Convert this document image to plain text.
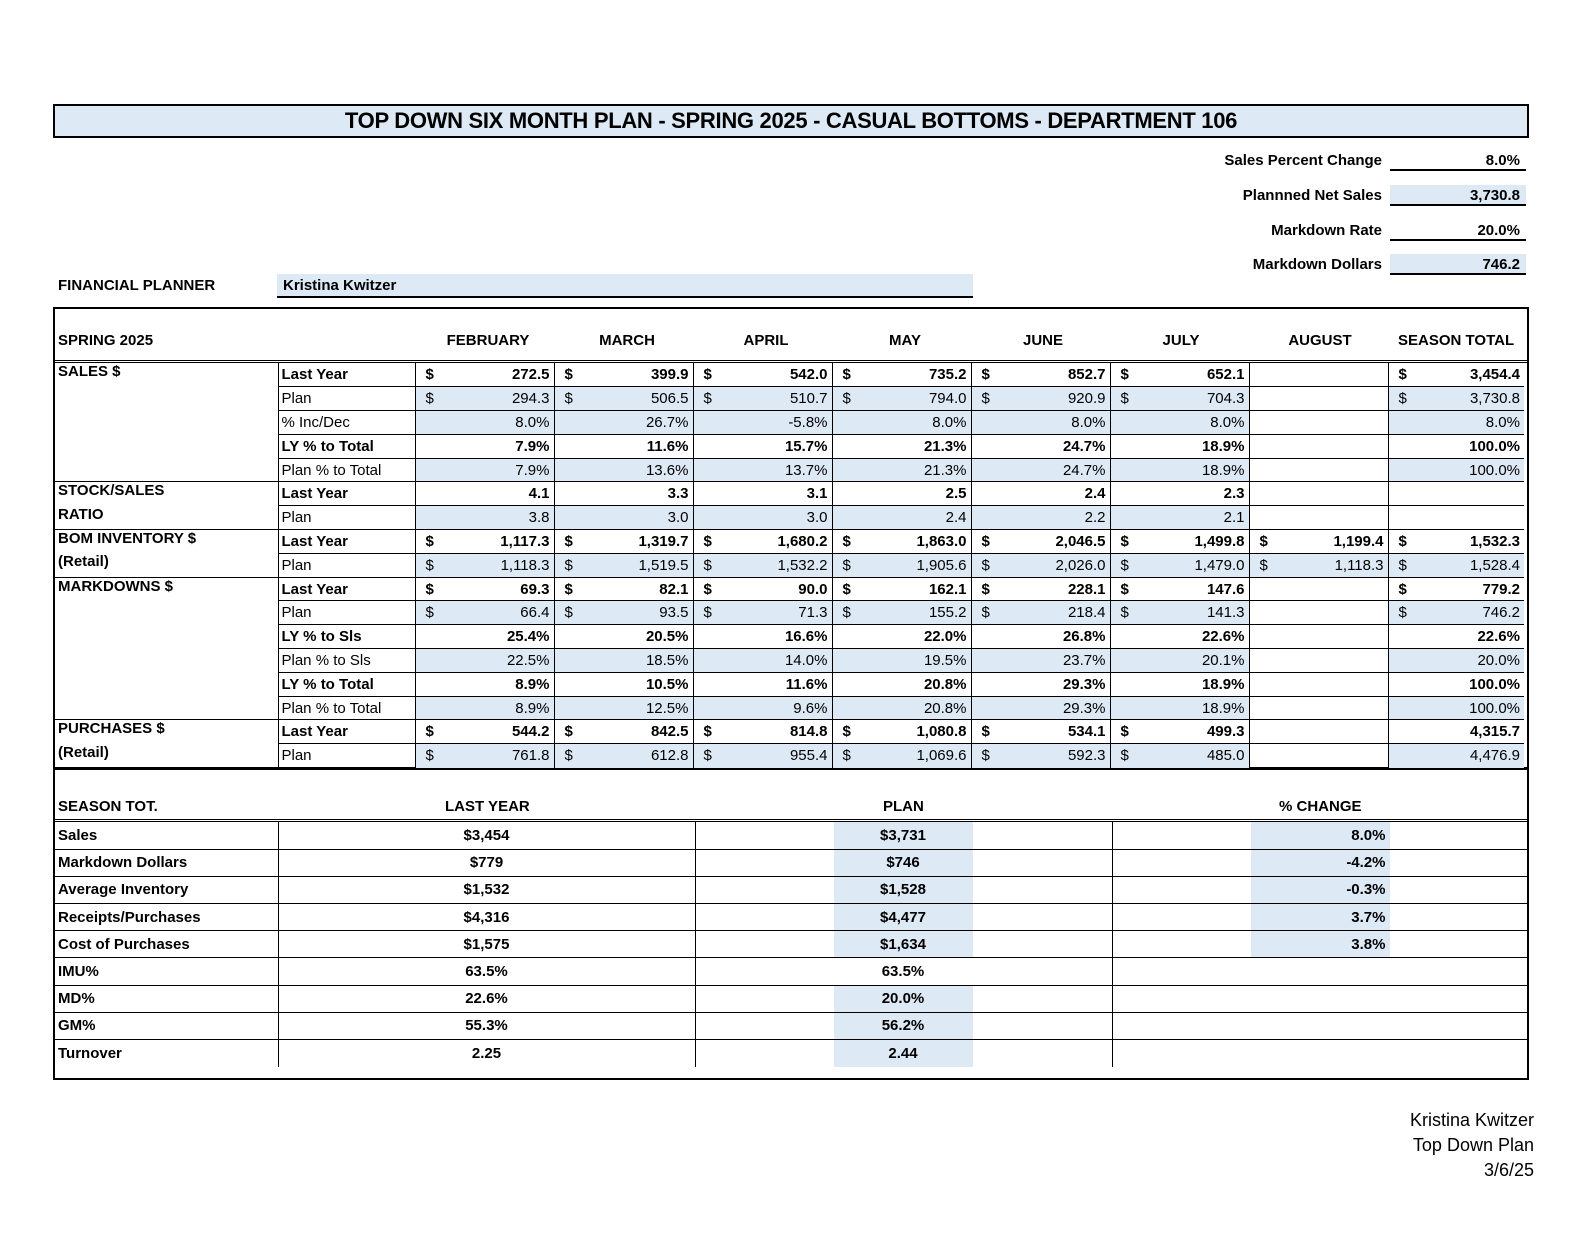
TOP DOWN SIX MONTH PLAN - SPRING 2025 - CASUAL BOTTOMS - DEPARTMENT 106
Sales Percent Change	8.0%
Plannned Net Sales	3,730.8
Markdown Rate	20.0%
Markdown Dollars	746.2
FINANCIAL PLANNER	Kristina Kwitzer
SPRING 2025	FEBRUARY	MARCH	APRIL	MAY	JUNE	JULY	AUGUST	SEASON TOTAL
SALES $	Last Year	$ 272.5	$ 399.9	$ 542.0	$ 735.2	$ 852.7	$ 652.1		$ 3,454.4

	Plan	$ 294.3	$ 506.5	$ 510.7	$ 794.0	$ 920.9	$ 704.3		$ 3,730.8

	% Inc/Dec	8.0%	26.7%	-5.8%	8.0%	8.0%	8.0%		8.0%

	LY % to Total	7.9%	11.6%	15.7%	21.3%	24.7%	18.9%		100.0%

	Plan % to Total	7.9%	13.6%	13.7%	21.3%	24.7%	18.9%		100.0%

STOCK/SALES	Last Year	4.1	3.3	3.1	2.5	2.4	2.3		

RATIO	Plan	3.8	3.0	3.0	2.4	2.2	2.1		

BOM INVENTORY $	Last Year	$ 1,117.3	$ 1,319.7	$ 1,680.2	$ 1,863.0	$ 2,046.5	$ 1,499.8	$ 1,199.4	$ 1,532.3

(Retail)	Plan	$ 1,118.3	$ 1,519.5	$ 1,532.2	$ 1,905.6	$ 2,026.0	$ 1,479.0	$ 1,118.3	$ 1,528.4

MARKDOWNS $	Last Year	$ 69.3	$ 82.1	$ 90.0	$ 162.1	$ 228.1	$ 147.6		$ 779.2

	Plan	$ 66.4	$ 93.5	$ 71.3	$ 155.2	$ 218.4	$ 141.3		$ 746.2

	LY % to Sls	25.4%	20.5%	16.6%	22.0%	26.8%	22.6%		22.6%

	Plan % to Sls	22.5%	18.5%	14.0%	19.5%	23.7%	20.1%		20.0%

	LY % to Total	8.9%	10.5%	11.6%	20.8%	29.3%	18.9%		100.0%

	Plan % to Total	8.9%	12.5%	9.6%	20.8%	29.3%	18.9%		100.0%

PURCHASES $	Last Year	$ 544.2	$ 842.5	$ 814.8	$ 1,080.8	$ 534.1	$ 499.3		4,315.7

(Retail)	Plan	$ 761.8	$ 612.8	$ 955.4	$ 1,069.6	$ 592.3	$ 485.0		4,476.9
SEASON TOT.	LAST YEAR	PLAN	% CHANGE
Sales	$3,454	$3,731	8.0%

Markdown Dollars	$779	$746	-4.2%

Average Inventory	$1,532	$1,528	-0.3%

Receipts/Purchases	$4,316	$4,477	3.7%

Cost of Purchases	$1,575	$1,634	3.8%

IMU%	63.5%	63.5%	

MD%	22.6%	20.0%	

GM%	55.3%	56.2%	

Turnover	2.25	2.44	

Kristina Kwitzer
Top Down Plan
3/6/25
